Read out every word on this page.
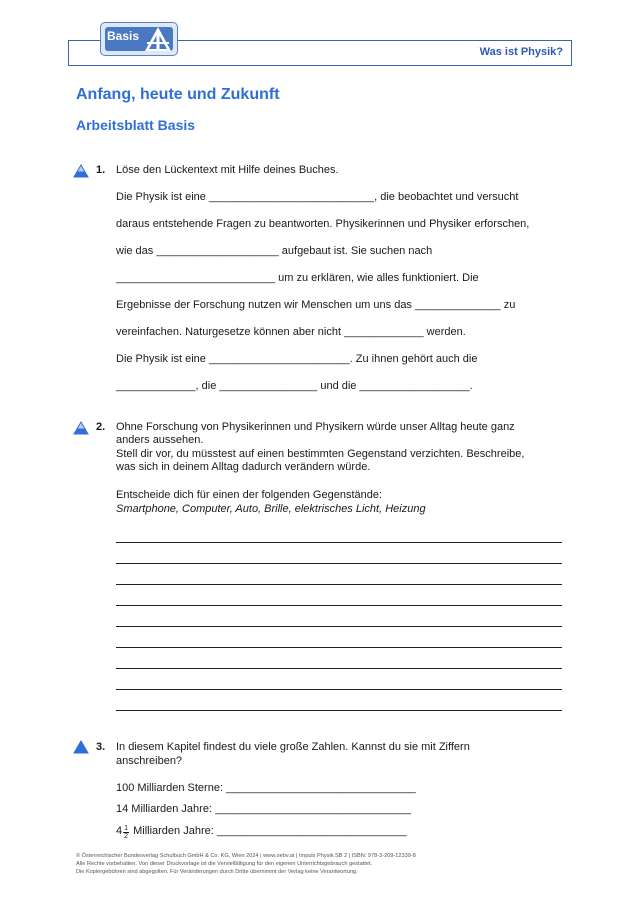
Was ist Physik?
Basis
Anfang, heute und Zukunft
Arbeitsblatt Basis
1. Löse den Lückentext mit Hilfe deines Buches.
Die Physik ist eine ___________________________, die beobachtet und versucht
daraus entstehende Fragen zu beantworten. Physikerinnen und Physiker erforschen,
wie das ____________________ aufgebaut ist. Sie suchen nach
__________________________ um zu erklären, wie alles funktioniert. Die
Ergebnisse der Forschung nutzen wir Menschen um uns das ______________ zu
vereinfachen. Naturgesetze können aber nicht _____________ werden.
Die Physik ist eine _______________________. Zu ihnen gehört auch die
_____________, die ________________ und die __________________.
2. Ohne Forschung von Physikerinnen und Physikern würde unser Alltag heute ganz
anders aussehen.
Stell dir vor, du müsstest auf einen bestimmten Gegenstand verzichten. Beschreibe,
was sich in deinem Alltag dadurch verändern würde.
Entscheide dich für einen der folgenden Gegenstände:
Smartphone, Computer, Auto, Brille, elektrisches Licht, Heizung
3. In diesem Kapitel findest du viele große Zahlen. Kannst du sie mit Ziffern
anschreiben?
100 Milliarden Sterne: _______________________________
14 Milliarden Jahre: ________________________________
$4 \frac{1}{2}$ Milliarden Jahre: _______________________________
© Österreichischer Bundesverlag Schulbuch GmbH & Co. KG, Wien 2024 | www.oebv.at | Impuls Physik SB 2 | ISBN: 978-3-209-12339-8
Alle Rechte vorbehalten. Von dieser Druckvorlage ist die Vervielfältigung für den eigenen Unterrichtsgebrauch gestattet.
Die Kopiergebühren sind abgegolten. Für Veränderungen durch Dritte übernimmt der Verlag keine Verantwortung.
